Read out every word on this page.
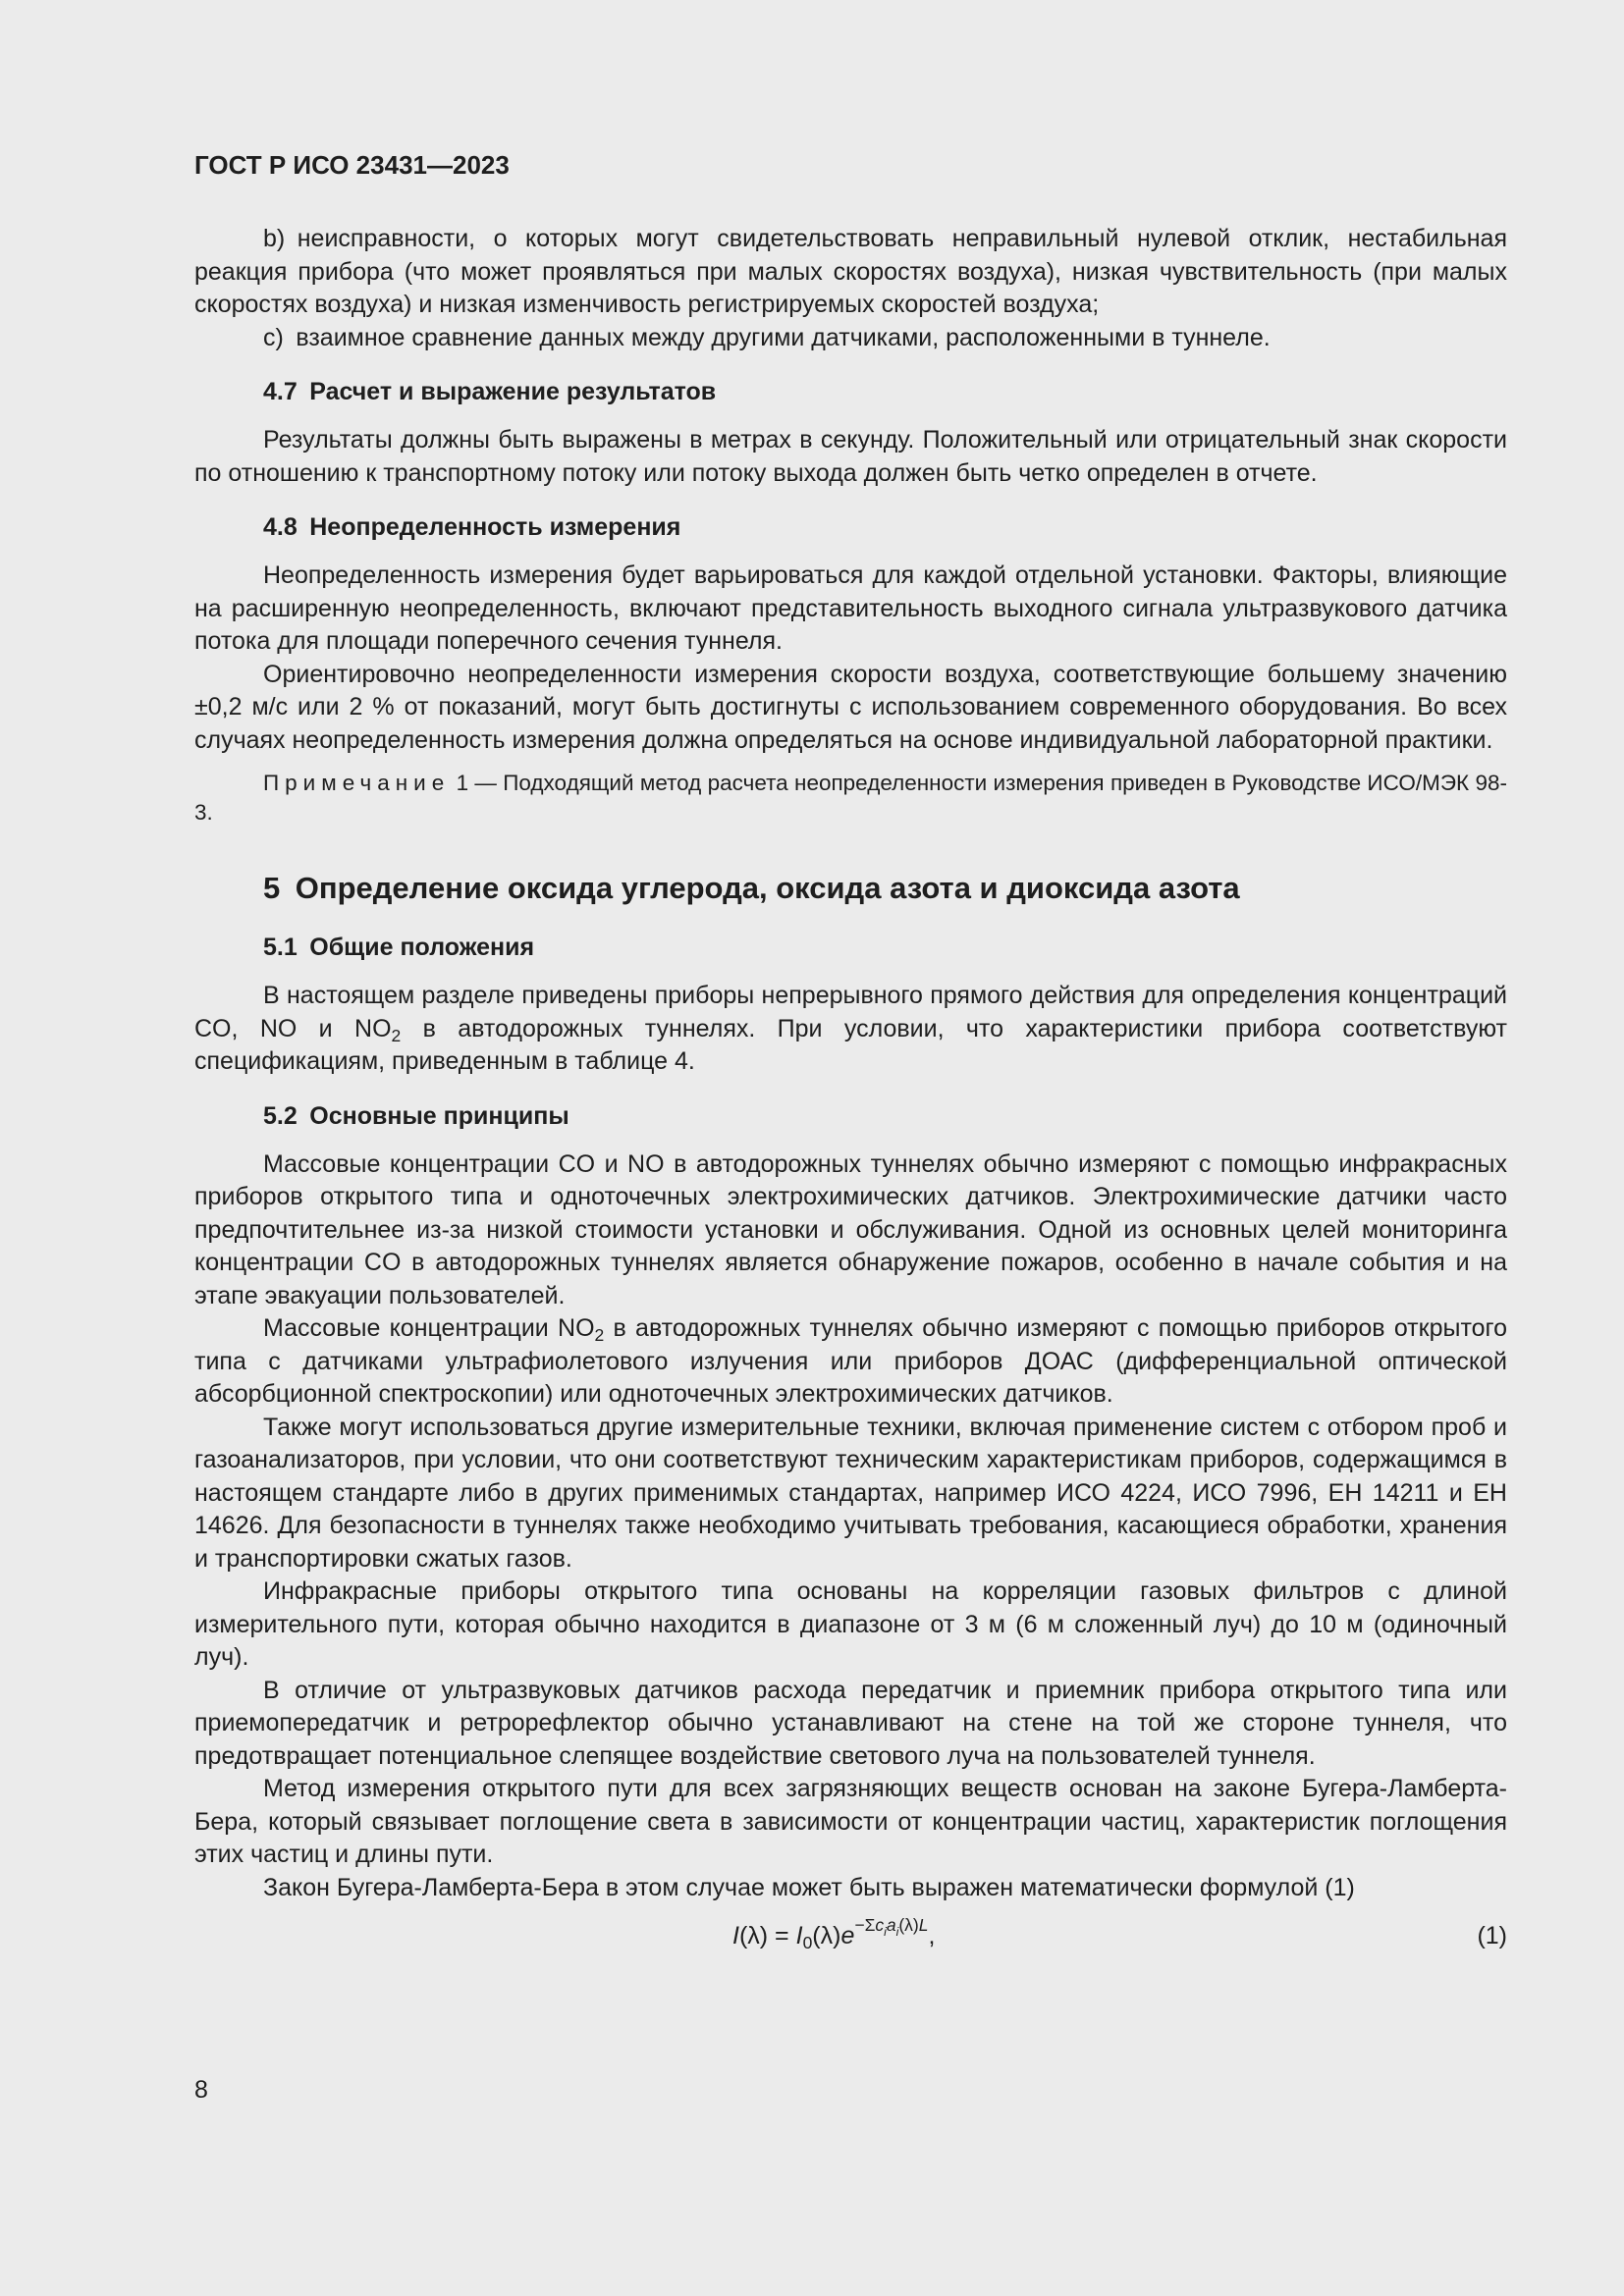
ГОСТ Р ИСО 23431—2023

b) неисправности, о которых могут свидетельствовать неправильный нулевой отклик, нестабильная реакция прибора (что может проявляться при малых скоростях воздуха), низкая чувствительность (при малых скоростях воздуха) и низкая изменчивость регистрируемых скоростей воздуха;

c) взаимное сравнение данных между другими датчиками, расположенными в туннеле.

4.7 Расчет и выражение результатов

Результаты должны быть выражены в метрах в секунду. Положительный или отрицательный знак скорости по отношению к транспортному потоку или потоку выхода должен быть четко определен в отчете.

4.8 Неопределенность измерения

Неопределенность измерения будет варьироваться для каждой отдельной установки. Факторы, влияющие на расширенную неопределенность, включают представительность выходного сигнала ультразвукового датчика потока для площади поперечного сечения туннеля.

Ориентировочно неопределенности измерения скорости воздуха, соответствующие большему значению ±0,2 м/с или 2 % от показаний, могут быть достигнуты с использованием современного оборудования. Во всех случаях неопределенность измерения должна определяться на основе индивидуальной лабораторной практики.

Примечание 1 — Подходящий метод расчета неопределенности измерения приведен в Руководстве ИСО/МЭК 98-3.
5 Определение оксида углерода, оксида азота и диоксида азота
5.1 Общие положения

В настоящем разделе приведены приборы непрерывного прямого действия для определения концентраций CO, NO и $NO_2$ в автодорожных туннелях. При условии, что характеристики прибора соответствуют спецификациям, приведенным в таблице 4.

5.2 Основные принципы

Массовые концентрации CO и NO в автодорожных туннелях обычно измеряют с помощью инфракрасных приборов открытого типа и одноточечных электрохимических датчиков. Электрохимические датчики часто предпочтительнее из-за низкой стоимости установки и обслуживания. Одной из основных целей мониторинга концентрации CO в автодорожных туннелях является обнаружение пожаров, особенно в начале события и на этапе эвакуации пользователей.

Массовые концентрации $NO_2$ в автодорожных туннелях обычно измеряют с помощью приборов открытого типа с датчиками ультрафиолетового излучения или приборов ДОАС (дифференциальной оптической абсорбционной спектроскопии) или одноточечных электрохимических датчиков.

Также могут использоваться другие измерительные техники, включая применение систем с отбором проб и газоанализаторов, при условии, что они соответствуют техническим характеристикам приборов, содержащимся в настоящем стандарте либо в других применимых стандартах, например ИСО 4224, ИСО 7996, ЕН 14211 и ЕН 14626. Для безопасности в туннелях также необходимо учитывать требования, касающиеся обработки, хранения и транспортировки сжатых газов.

Инфракрасные приборы открытого типа основаны на корреляции газовых фильтров с длиной измерительного пути, которая обычно находится в диапазоне от 3 м (6 м сложенный луч) до 10 м (одиночный луч).

В отличие от ультразвуковых датчиков расхода передатчик и приемник прибора открытого типа или приемопередатчик и ретрорефлектор обычно устанавливают на стене на той же стороне туннеля, что предотвращает потенциальное слепящее воздействие светового луча на пользователей туннеля.

Метод измерения открытого пути для всех загрязняющих веществ основан на законе Бугера-Ламберта-Бера, который связывает поглощение света в зависимости от концентрации частиц, характеристик поглощения этих частиц и длины пути.

Закон Бугера-Ламберта-Бера в этом случае может быть выражен математически формулой (1)

$I(\lambda) = I_0(\lambda)e^{-\Sigma c_ia_i(\lambda)L}$,	(1)
8
